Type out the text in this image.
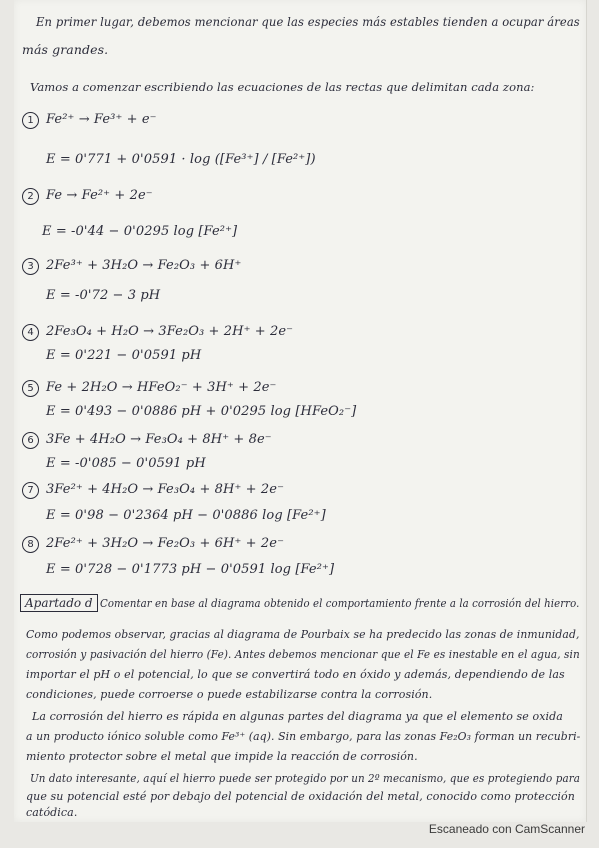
En primer lugar, debemos mencionar que las especies más estables tienden a ocupar áreas
más grandes.
Vamos a comenzar escribiendo las ecuaciones de las rectas que delimitan cada zona:
1 Fe²⁺ → Fe³⁺ + e⁻
E = 0'771 + 0'0591 · log ([Fe³⁺] / [Fe²⁺])
2 Fe → Fe²⁺ + 2e⁻
E = -0'44 − 0'0295 log [Fe²⁺]
3 2Fe³⁺ + 3H₂O → Fe₂O₃ + 6H⁺
E = -0'72 − 3 pH
4 2Fe₃O₄ + H₂O → 3Fe₂O₃ + 2H⁺ + 2e⁻
E = 0'221 − 0'0591 pH
5 Fe + 2H₂O → HFeO₂⁻ + 3H⁺ + 2e⁻
E = 0'493 − 0'0886 pH + 0'0295 log [HFeO₂⁻]
6 3Fe + 4H₂O → Fe₃O₄ + 8H⁺ + 8e⁻
E = -0'085 − 0'0591 pH
7 3Fe²⁺ + 4H₂O → Fe₃O₄ + 8H⁺ + 2e⁻
E = 0'98 − 0'2364 pH − 0'0886 log [Fe²⁺]
8 2Fe²⁺ + 3H₂O → Fe₂O₃ + 6H⁺ + 2e⁻
E = 0'728 − 0'1773 pH − 0'0591 log [Fe²⁺]
Apartado d Comentar en base al diagrama obtenido el comportamiento frente a la corrosión del hierro.
Como podemos observar, gracias al diagrama de Pourbaix se ha predecido las zonas de inmunidad,
corrosión y pasivación del hierro (Fe). Antes debemos mencionar que el Fe es inestable en el agua, sin
importar el pH o el potencial, lo que se convertirá todo en óxido y además, dependiendo de las
condiciones, puede corroerse o puede estabilizarse contra la corrosión.
La corrosión del hierro es rápida en algunas partes del diagrama ya que el elemento se oxida
a un producto iónico soluble como Fe³⁺ (aq). Sin embargo, para las zonas Fe₂O₃ forman un recubri-
miento protector sobre el metal que impide la reacción de corrosión.
Un dato interesante, aquí el hierro puede ser protegido por un 2º mecanismo, que es protegiendo para
que su potencial esté por debajo del potencial de oxidación del metal, conocido como protección
catódica.
Escaneado con CamScanner
